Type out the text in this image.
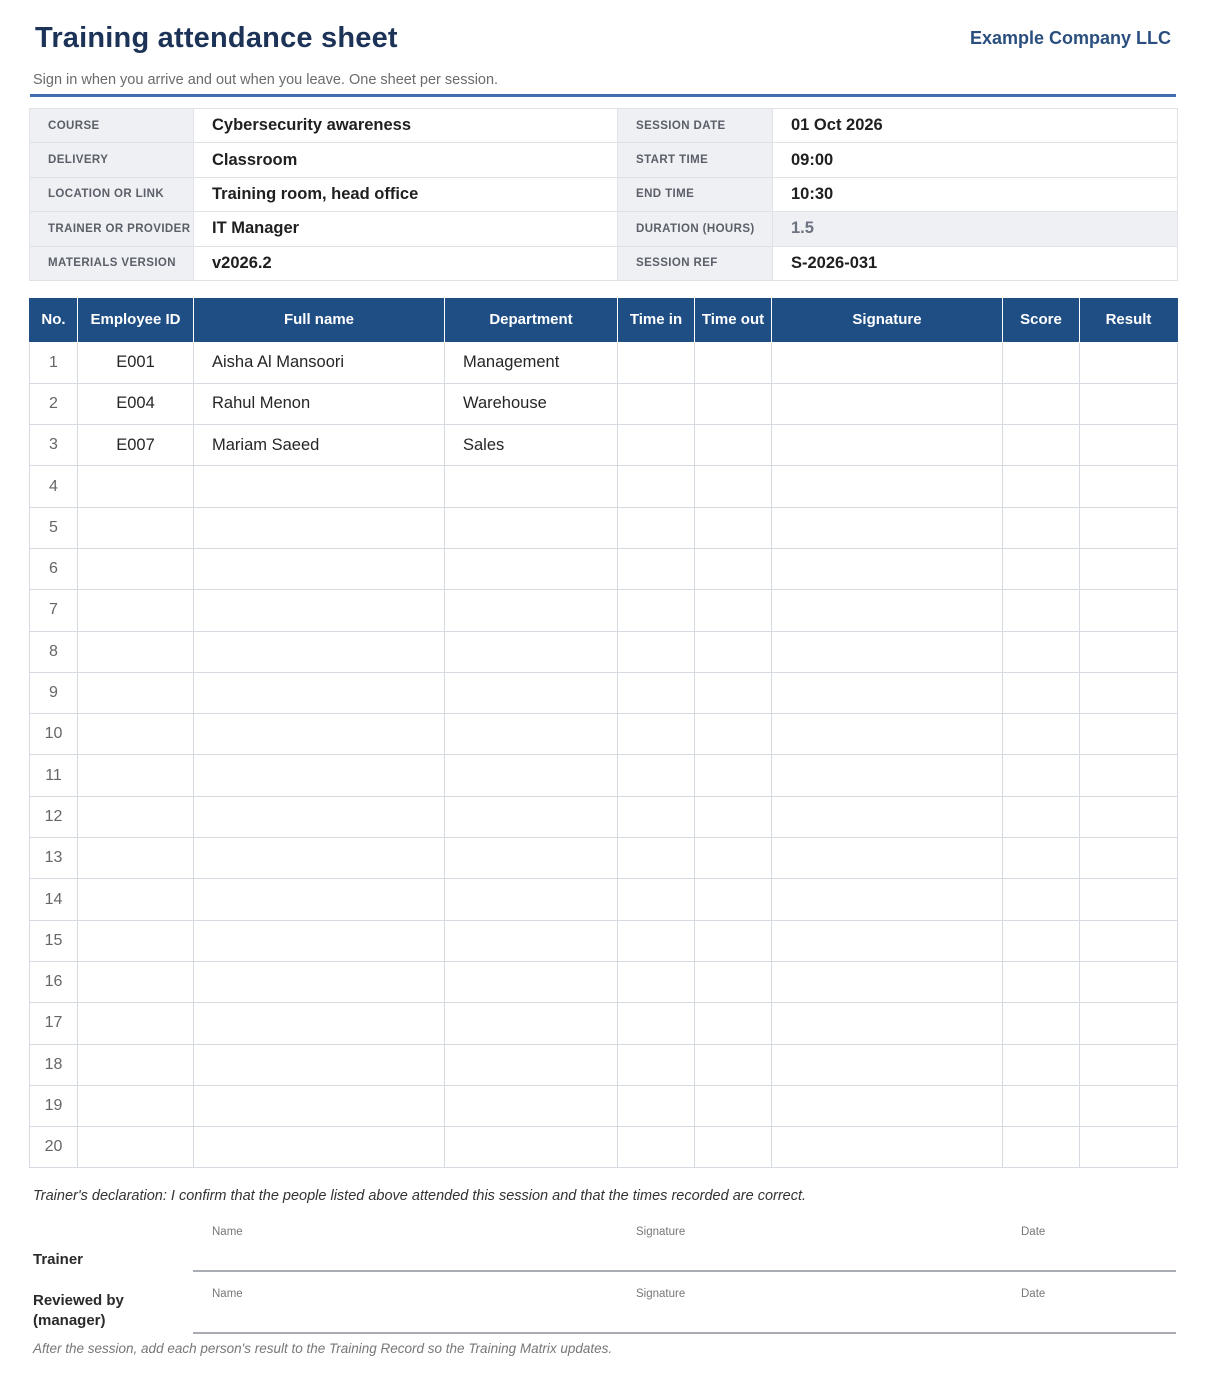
Training attendance sheet	Example Company LLC
Sign in when you arrive and out when you leave. One sheet per session.
COURSE	Cybersecurity awareness	SESSION DATE	01 Oct 2026
DELIVERY	Classroom	START TIME	09:00
LOCATION OR LINK	Training room, head office	END TIME	10:30
TRAINER OR PROVIDER	IT Manager	DURATION (HOURS)	1.5
MATERIALS VERSION	v2026.2	SESSION REF	S-2026-031
No.	Employee ID	Full name	Department	Time in	Time out	Signature	Score	Result
1	E001	Aisha Al Mansoori	Management					
2	E004	Rahul Menon	Warehouse					
3	E007	Mariam Saeed	Sales					
4								
5								
6								
7								
8								
9								
10								
11								
12								
13								
14								
15								
16								
17								
18								
19								
20								
Trainer's declaration: I confirm that the people listed above attended this session and that the times recorded are correct.
Name	Signature	Date
Trainer
Name	Signature	Date
Reviewed by
(manager)
After the session, add each person's result to the Training Record so the Training Matrix updates.
